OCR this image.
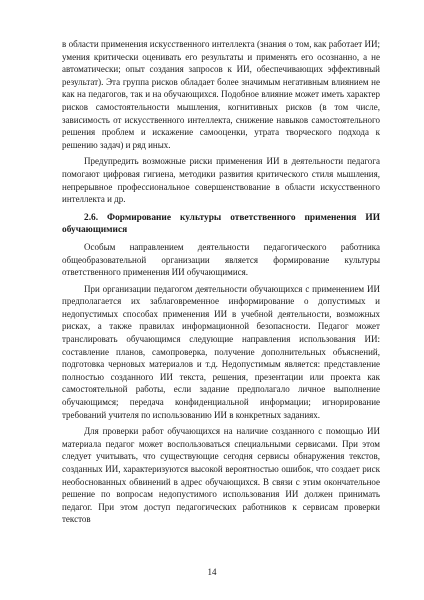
в области применения искусственного интеллекта (знания о том, как работает ИИ; умения критически оценивать его результаты и применять его осознанно, а не автоматически; опыт создания запросов к ИИ, обеспечивающих эффективный результат). Эта группа рисков обладает более значимым негативным влиянием не как на педагогов, так и на обучающихся. Подобное влияние может иметь характер рисков самостоятельности мышления, когнитивных рисков (в том числе, зависимость от искусственного интеллекта, снижение навыков самостоятельного решения проблем и искажение самооценки, утрата творческого подхода к решению задач) и ряд иных.

Предупредить возможные риски применения ИИ в деятельности педагога помогают цифровая гигиена, методики развития критического стиля мышления, непрерывное профессиональное совершенствование в области искусственного интеллекта и др.

2.6. Формирование культуры ответственного применения ИИ обучающимися

Особым направлением деятельности педагогического работника общеобразовательной организации является формирование культуры ответственного применения ИИ обучающимися.

При организации педагогом деятельности обучающихся с применением ИИ предполагается их заблаговременное информирование о допустимых и недопустимых способах применения ИИ в учебной деятельности, возможных рисках, а также правилах информационной безопасности. Педагог может транслировать обучающимся следующие направления использования ИИ: составление планов, самопроверка, получение дополнительных объяснений, подготовка черновых материалов и т.д. Недопустимым является: представление полностью созданного ИИ текста, решения, презентации или проекта как самостоятельной работы, если задание предполагало личное выполнение обучающимся; передача конфиденциальной информации; игнорирование требований учителя по использованию ИИ в конкретных заданиях.

Для проверки работ обучающихся на наличие созданного с помощью ИИ материала педагог может воспользоваться специальными сервисами. При этом следует учитывать, что существующие сегодня сервисы обнаружения текстов, созданных ИИ, характеризуются высокой вероятностью ошибок, что создает риск необоснованных обвинений в адрес обучающихся. В связи с этим окончательное решение по вопросам недопустимого использования ИИ должен принимать педагог. При этом доступ педагогических работников к сервисам проверки текстов

14
